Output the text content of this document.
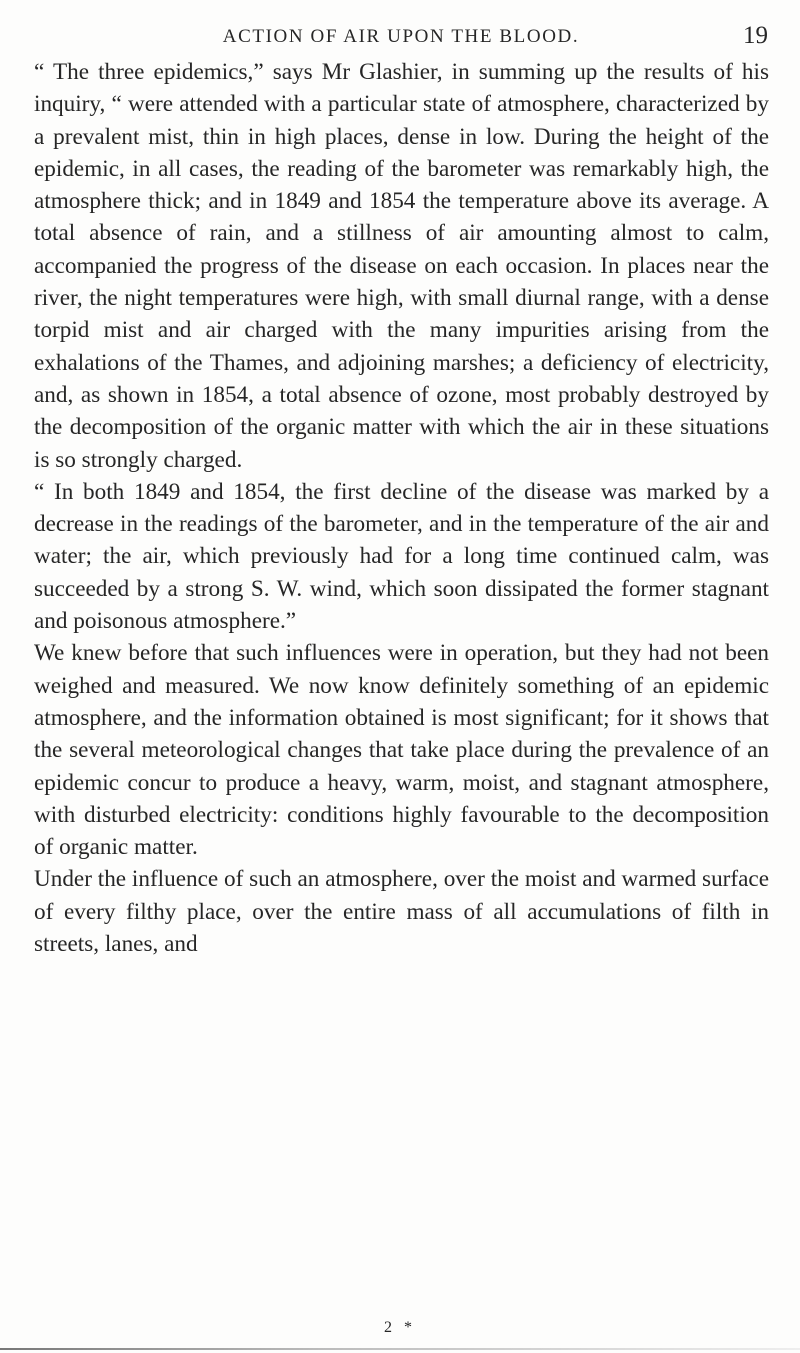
ACTION OF AIR UPON THE BLOOD.	19

“ The three epidemics,” says Mr Glashier, in summing up the results of his inquiry, “ were attended with a particular state of atmosphere, characterized by a prevalent mist, thin in high places, dense in low. During the height of the epidemic, in all cases, the reading of the barometer was remarkably high, the atmosphere thick; and in 1849 and 1854 the temperature above its average. A total absence of rain, and a stillness of air amounting almost to calm, accompanied the progress of the disease on each occasion. In places near the river, the night temperatures were high, with small diurnal range, with a dense torpid mist and air charged with the many impurities arising from the exhalations of the Thames, and adjoining marshes; a deficiency of electricity, and, as shown in 1854, a total absence of ozone, most probably destroyed by the decomposition of the organic matter with which the air in these situations is so strongly charged.

“ In both 1849 and 1854, the first decline of the disease was marked by a decrease in the readings of the barometer, and in the temperature of the air and water; the air, which previously had for a long time continued calm, was succeeded by a strong S. W. wind, which soon dissipated the former stagnant and poisonous atmosphere.”

We knew before that such influences were in operation, but they had not been weighed and measured. We now know definitely something of an epidemic atmosphere, and the information obtained is most significant; for it shows that the several meteorological changes that take place during the prevalence of an epidemic concur to produce a heavy, warm, moist, and stagnant atmosphere, with disturbed electricity: conditions highly favourable to the decomposition of organic matter.

Under the influence of such an atmosphere, over the moist and warmed surface of every filthy place, over the entire mass of all accumulations of filth in streets, lanes, and

2 *
